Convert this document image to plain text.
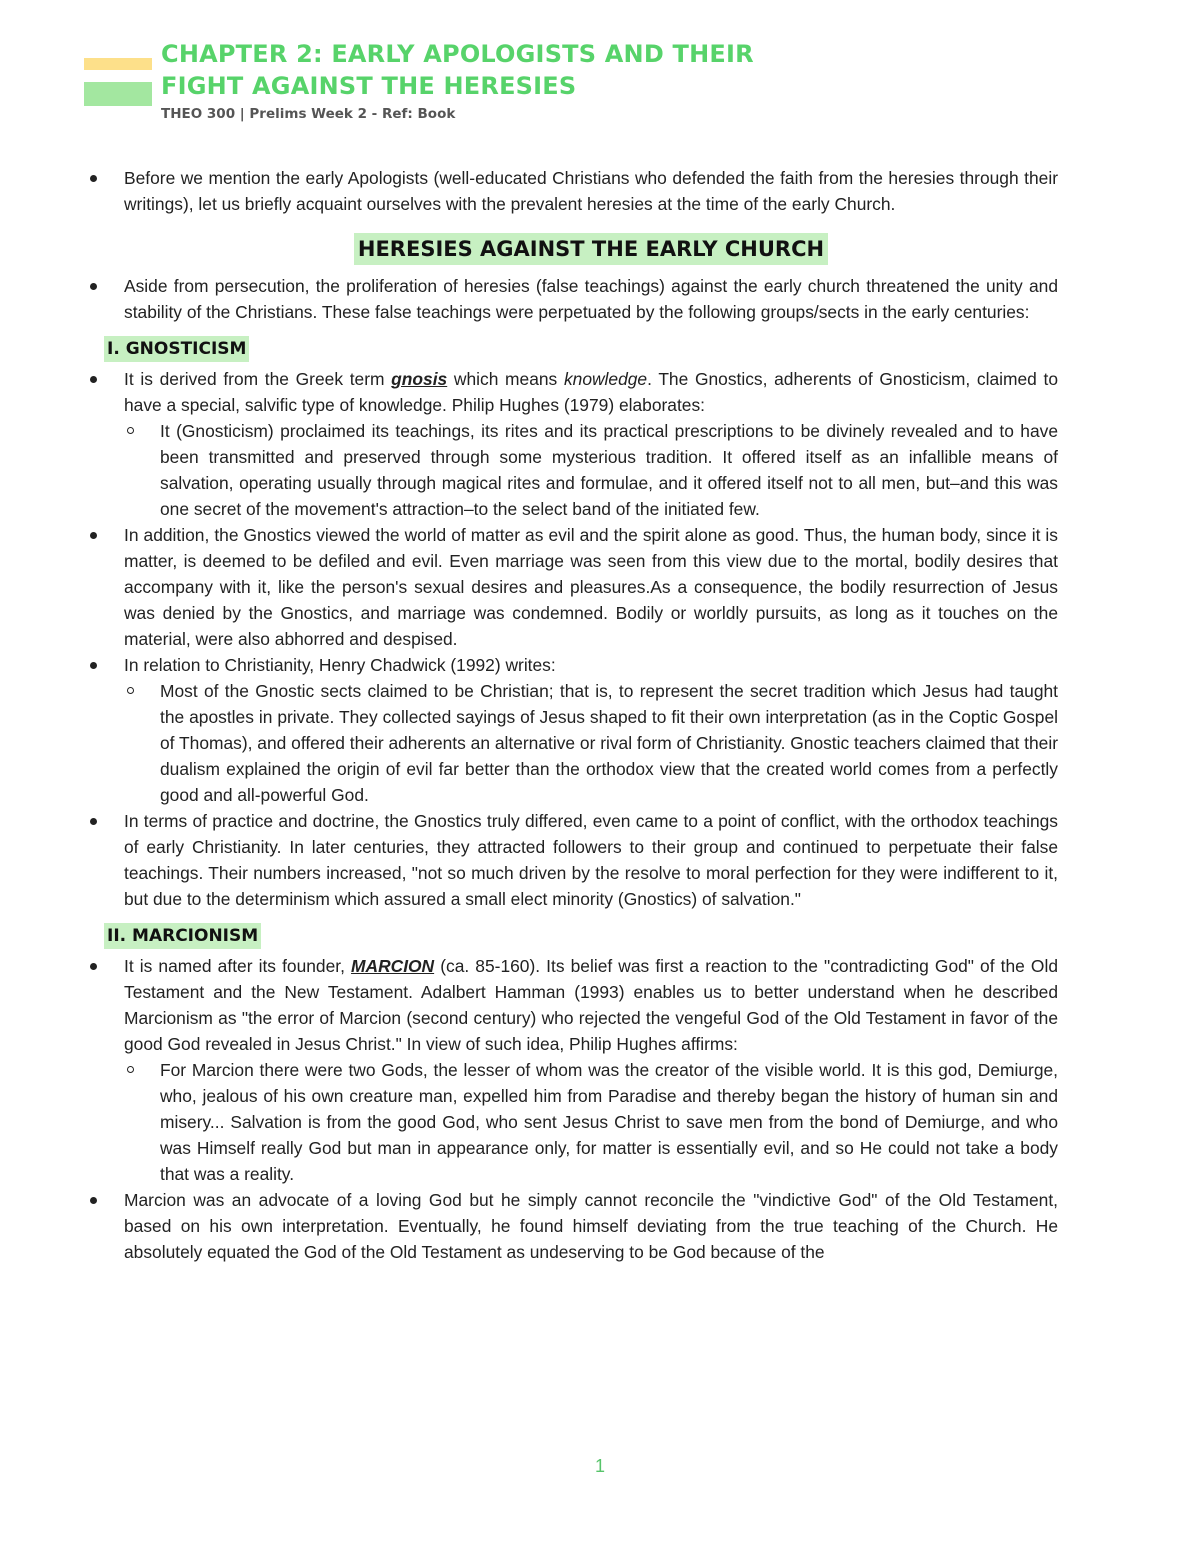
CHAPTER 2: EARLY APOLOGISTS AND THEIR
FIGHT AGAINST THE HERESIES
THEO 300 | Prelims Week 2 - Ref: Book

Before we mention the early Apologists (well-educated Christians who defended the faith from the heresies through their writings), let us briefly acquaint ourselves with the prevalent heresies at the time of the early Church.

HERESIES AGAINST THE EARLY CHURCH

Aside from persecution, the proliferation of heresies (false teachings) against the early church threatened the unity and stability of the Christians. These false teachings were perpetuated by the following groups/sects in the early centuries:

I. GNOSTICISM

It is derived from the Greek term gnosis which means knowledge. The Gnostics, adherents of Gnosticism, claimed to have a special, salvific type of knowledge. Philip Hughes (1979) elaborates:

It (Gnosticism) proclaimed its teachings, its rites and its practical prescriptions to be divinely revealed and to have been transmitted and preserved through some mysterious tradition. It offered itself as an infallible means of salvation, operating usually through magical rites and formulae, and it offered itself not to all men, but–and this was one secret of the movement's attraction–to the select band of the initiated few.

In addition, the Gnostics viewed the world of matter as evil and the spirit alone as good. Thus, the human body, since it is matter, is deemed to be defiled and evil. Even marriage was seen from this view due to the mortal, bodily desires that accompany with it, like the person's sexual desires and pleasures.As a consequence, the bodily resurrection of Jesus was denied by the Gnostics, and marriage was condemned. Bodily or worldly pursuits, as long as it touches on the material, were also abhorred and despised.

In relation to Christianity, Henry Chadwick (1992) writes:

Most of the Gnostic sects claimed to be Christian; that is, to represent the secret tradition which Jesus had taught the apostles in private. They collected sayings of Jesus shaped to fit their own interpretation (as in the Coptic Gospel of Thomas), and offered their adherents an alternative or rival form of Christianity. Gnostic teachers claimed that their dualism explained the origin of evil far better than the orthodox view that the created world comes from a perfectly good and all-powerful God.

In terms of practice and doctrine, the Gnostics truly differed, even came to a point of conflict, with the orthodox teachings of early Christianity. In later centuries, they attracted followers to their group and continued to perpetuate their false teachings. Their numbers increased, "not so much driven by the resolve to moral perfection for they were indifferent to it, but due to the determinism which assured a small elect minority (Gnostics) of salvation."

II. MARCIONISM

It is named after its founder, MARCION (ca. 85-160). Its belief was first a reaction to the "contradicting God" of the Old Testament and the New Testament. Adalbert Hamman (1993) enables us to better understand when he described Marcionism as "the error of Marcion (second century) who rejected the vengeful God of the Old Testament in favor of the good God revealed in Jesus Christ." In view of such idea, Philip Hughes affirms:

For Marcion there were two Gods, the lesser of whom was the creator of the visible world. It is this god, Demiurge, who, jealous of his own creature man, expelled him from Paradise and thereby began the history of human sin and misery... Salvation is from the good God, who sent Jesus Christ to save men from the bond of Demiurge, and who was Himself really God but man in appearance only, for matter is essentially evil, and so He could not take a body that was a reality.

Marcion was an advocate of a loving God but he simply cannot reconcile the "vindictive God" of the Old Testament, based on his own interpretation. Eventually, he found himself deviating from the true teaching of the Church. He absolutely equated the God of the Old Testament as undeserving to be God because of the

1
